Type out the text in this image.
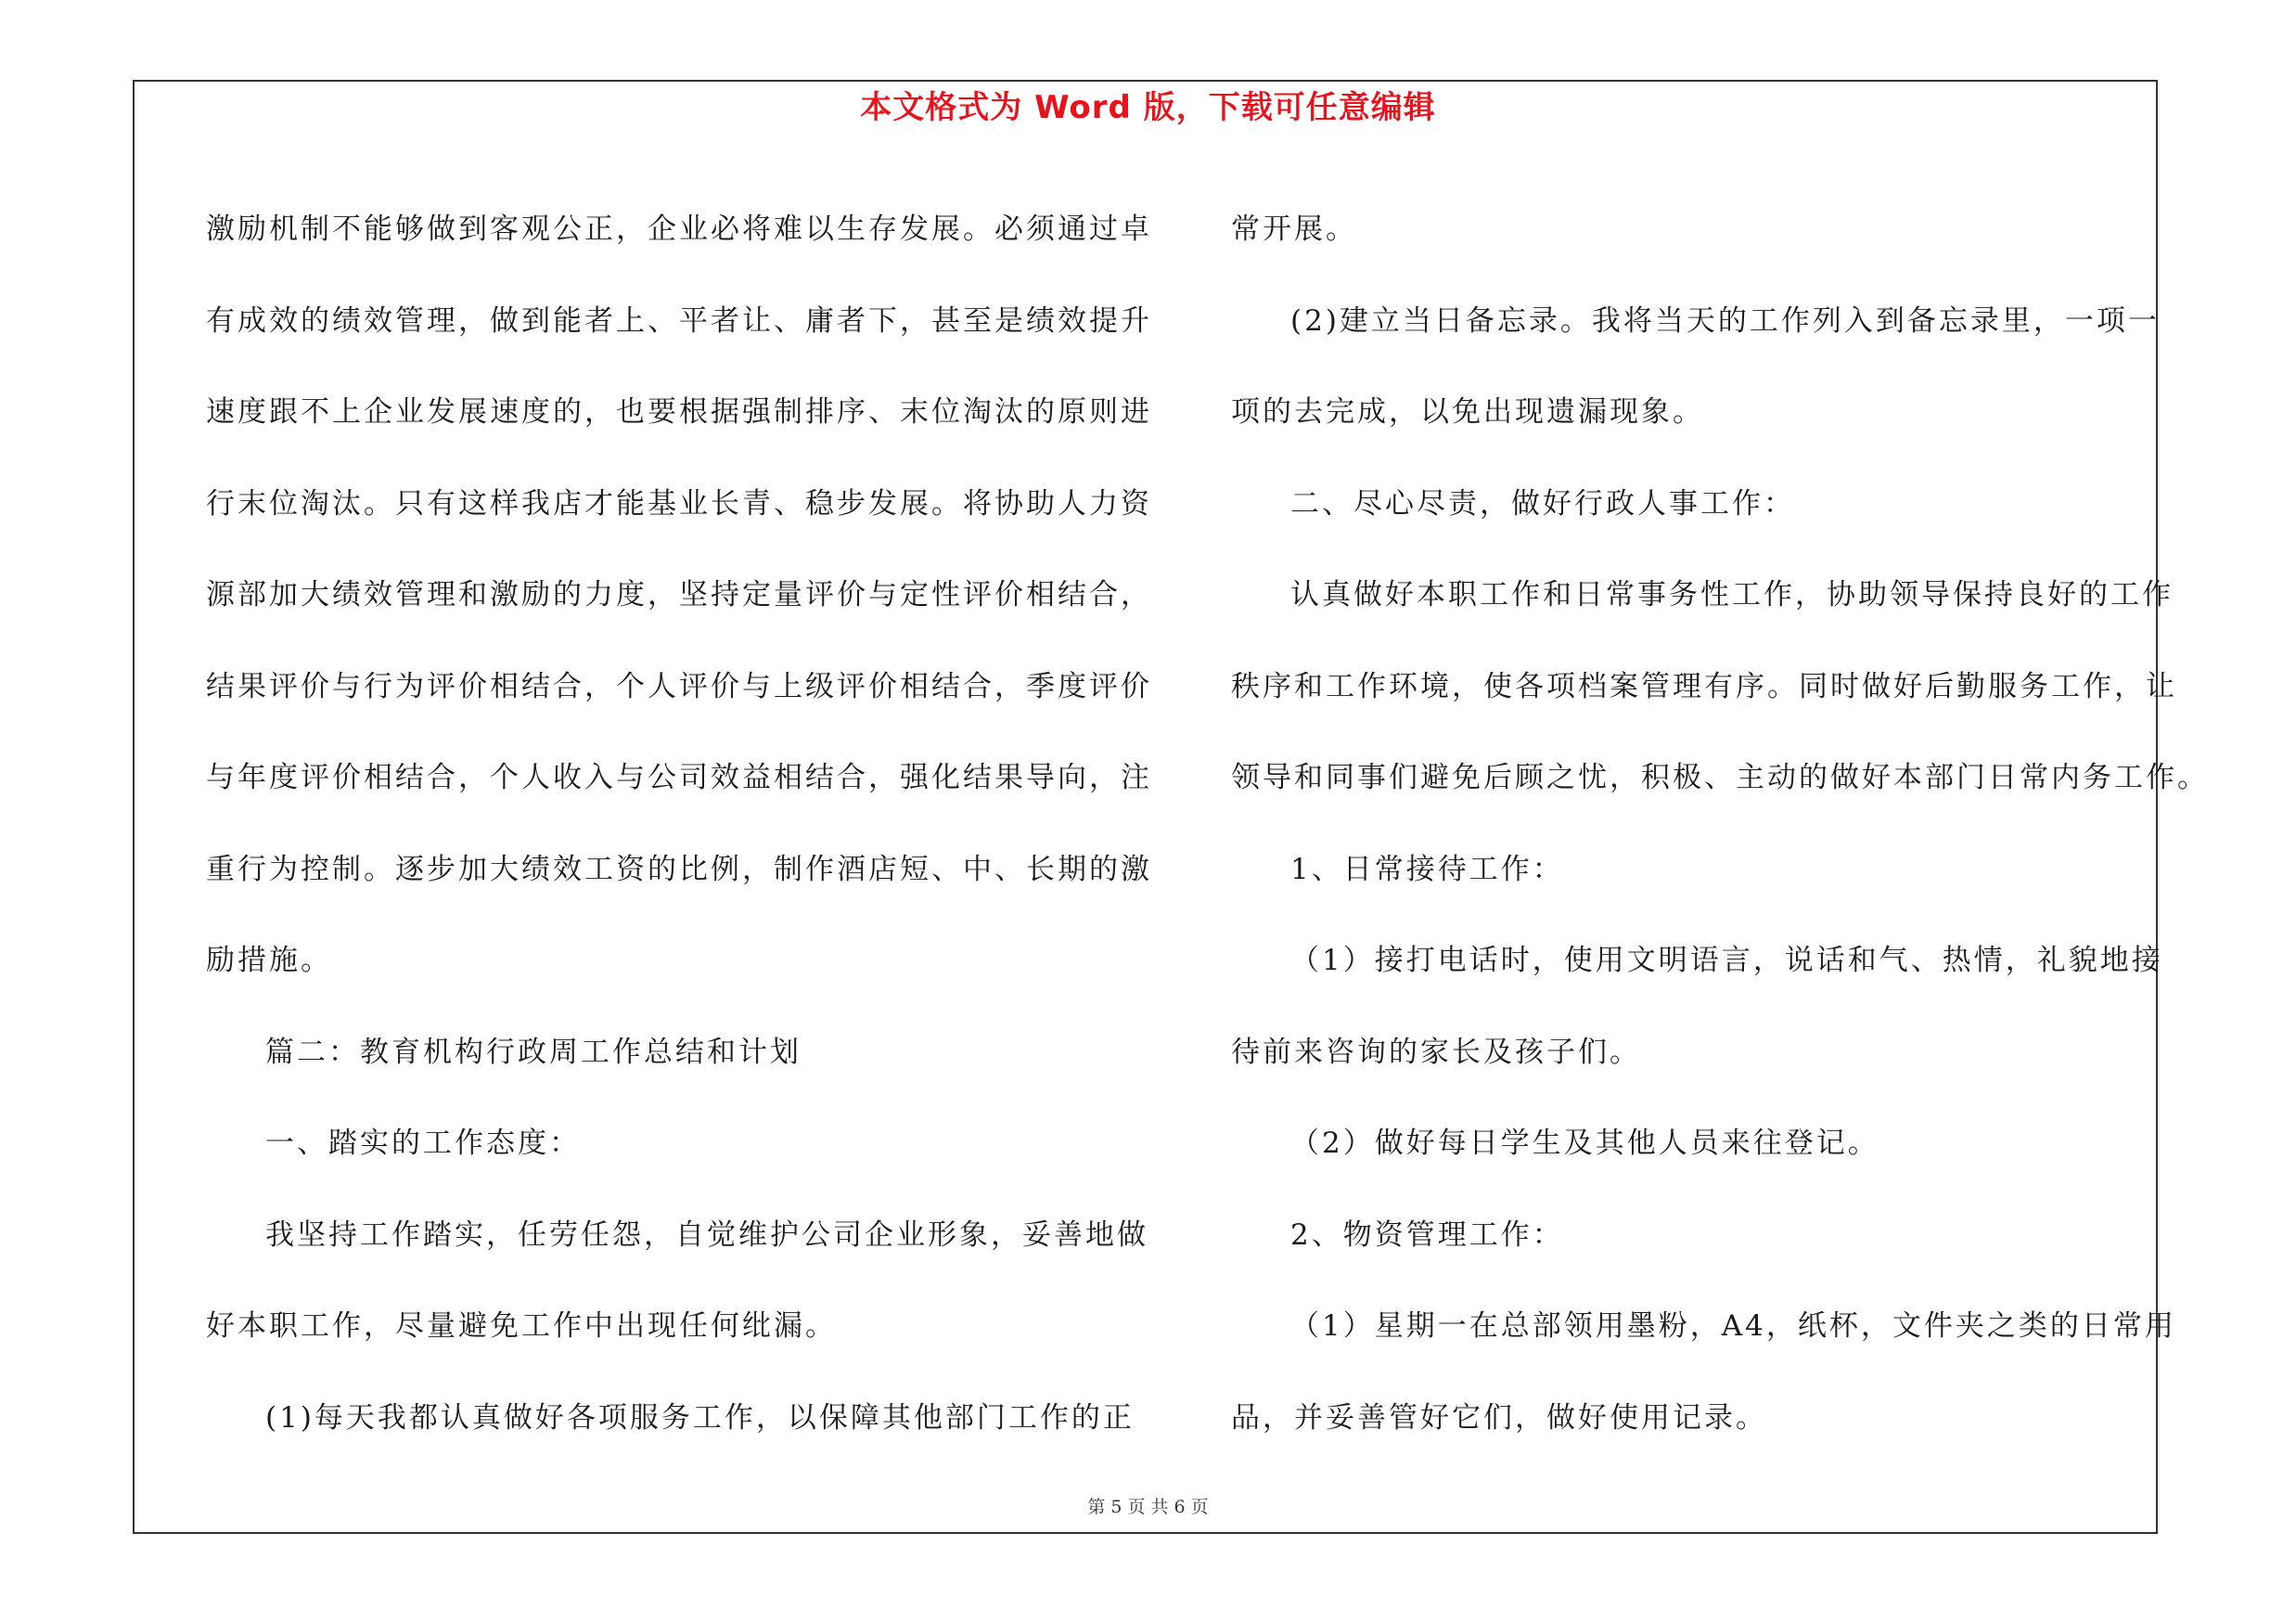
本文格式为 Word 版，下载可任意编辑
激励机制不能够做到客观公正，企业必将难以生存发展。必须通过卓
有成效的绩效管理，做到能者上、平者让、庸者下，甚至是绩效提升
速度跟不上企业发展速度的，也要根据强制排序、末位淘汰的原则进
行末位淘汰。只有这样我店才能基业长青、稳步发展。将协助人力资
源部加大绩效管理和激励的力度，坚持定量评价与定性评价相结合，
结果评价与行为评价相结合，个人评价与上级评价相结合，季度评价
与年度评价相结合，个人收入与公司效益相结合，强化结果导向，注
重行为控制。逐步加大绩效工资的比例，制作酒店短、中、长期的激
励措施。
篇二：教育机构行政周工作总结和计划
一、踏实的工作态度：
我坚持工作踏实，任劳任怨，自觉维护公司企业形象，妥善地做
好本职工作，尽量避免工作中出现任何纰漏。
(1)每天我都认真做好各项服务工作，以保障其他部门工作的正
常开展。
(2)建立当日备忘录。我将当天的工作列入到备忘录里，一项一
项的去完成，以免出现遗漏现象。
二、尽心尽责，做好行政人事工作：
认真做好本职工作和日常事务性工作，协助领导保持良好的工作
秩序和工作环境，使各项档案管理有序。同时做好后勤服务工作，让
领导和同事们避免后顾之忧，积极、主动的做好本部门日常内务工作。
1、日常接待工作：
（1）接打电话时，使用文明语言，说话和气、热情，礼貌地接
待前来咨询的家长及孩子们。
（2）做好每日学生及其他人员来往登记。
2、物资管理工作：
（1）星期一在总部领用墨粉，A4，纸杯，文件夹之类的日常用
品，并妥善管好它们，做好使用记录。
第 5 页 共 6 页
